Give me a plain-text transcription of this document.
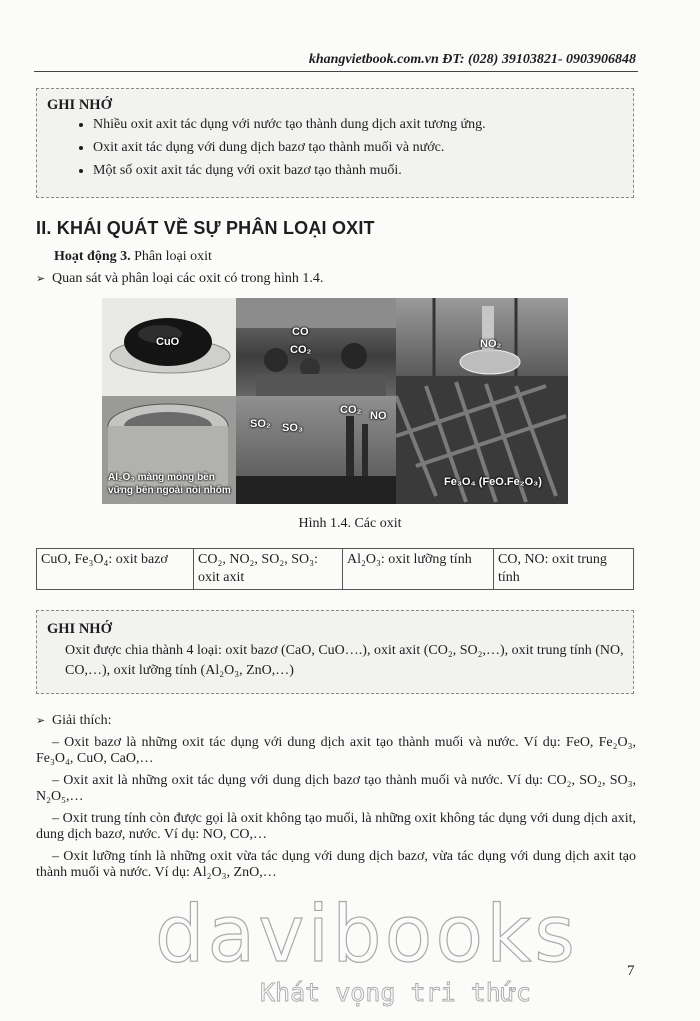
khangvietbook.com.vn ĐT: (028) 39103821- 0903906848
GHI NHỚ
• Nhiều oxit axit tác dụng với nước tạo thành dung dịch axit tương ứng.
• Oxit axit tác dụng với dung dịch bazơ tạo thành muối và nước.
• Một số oxit axit tác dụng với oxit bazơ tạo thành muối.
II. KHÁI QUÁT VỀ SỰ PHÂN LOẠI OXIT
Hoạt động 3. Phân loại oxit
➢ Quan sát và phân loại các oxit có trong hình 1.4.
CuO
CO
CO₂	NO₂
Al₂O₃ màng mỏng bền
vững bên ngoài nồi nhôm
SO₂ SO₃
CO₂ NO
Fe₃O₄ (FeO.Fe₂O₃)
Hình 1.4. Các oxit
CuO, Fe₃O₄: oxit bazơ	CO₂, NO₂, SO₂, SO₃: oxit axit	Al₂O₃: oxit lưỡng tính	CO, NO: oxit trung tính
GHI NHỚ
Oxit được chia thành 4 loại: oxit bazơ (CaO, CuO….), oxit axit (CO₂, SO₂,…), oxit trung tính (NO, CO,…), oxit lưỡng tính (Al₂O₃, ZnO,…)
➢ Giải thích:

– Oxit bazơ là những oxit tác dụng với dung dịch axit tạo thành muối và nước. Ví dụ: FeO, Fe₂O₃, Fe₃O₄, CuO, CaO,…

– Oxit axit là những oxit tác dụng với dung dịch bazơ tạo thành muối và nước. Ví dụ: CO₂, SO₂, SO₃, N₂O₅,…

– Oxit trung tính còn được gọi là oxit không tạo muối, là những oxit không tác dụng với dung dịch axit, dung dịch bazơ, nước. Ví dụ: NO, CO,…

– Oxit lưỡng tính là những oxit vừa tác dụng với dung dịch bazơ, vừa tác dụng với dung dịch axit tạo thành muối và nước. Ví dụ: Al₂O₃, ZnO,…

davibooks
Khát vọng tri thức
7
